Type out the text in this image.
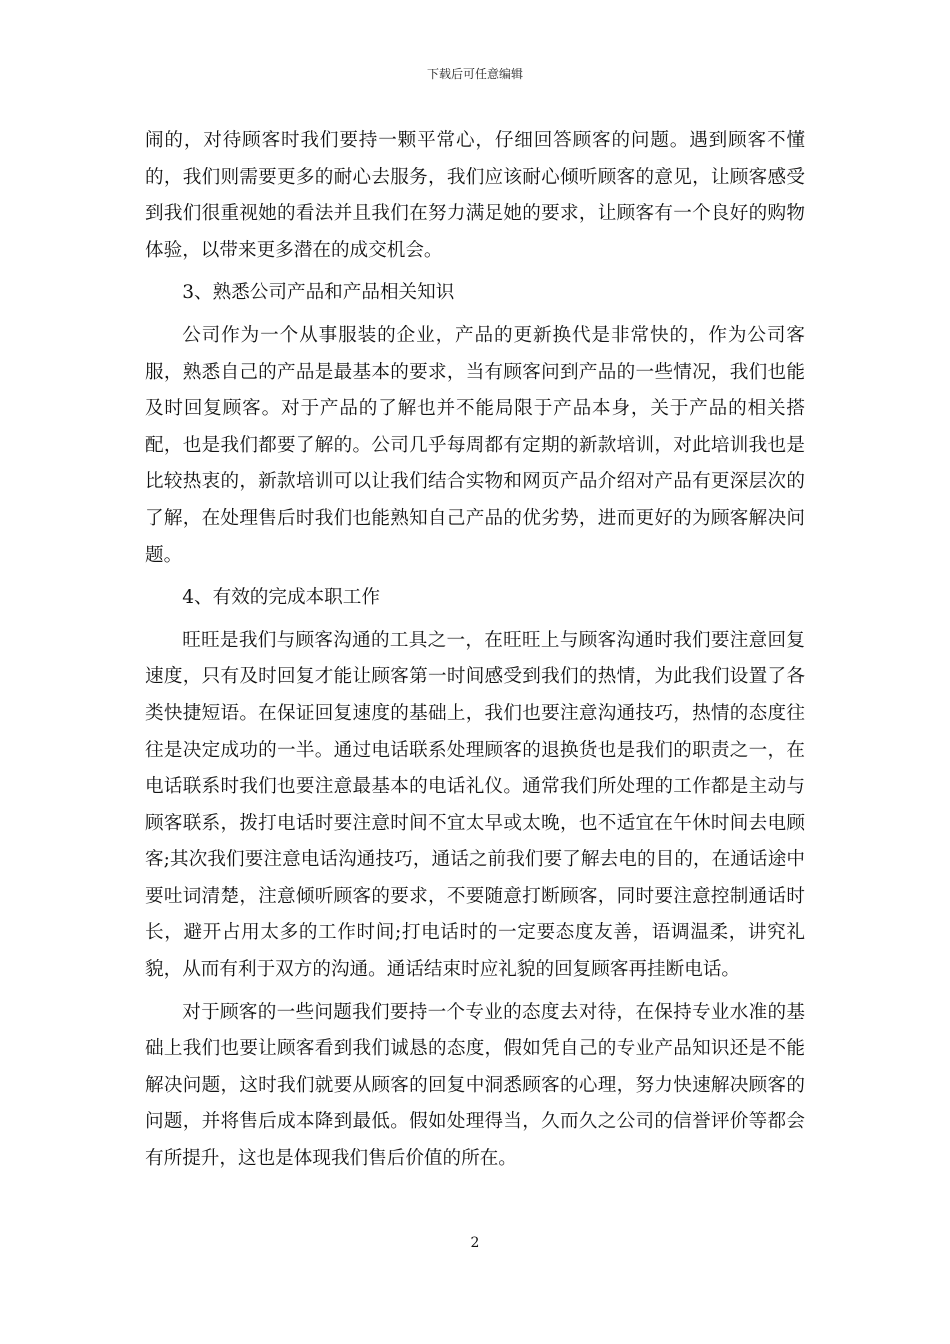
下载后可任意编辑

闹的，对待顾客时我们要持一颗平常心，仔细回答顾客的问题。遇到顾客不懂的，我们则需要更多的耐心去服务，我们应该耐心倾听顾客的意见，让顾客感受到我们很重视她的看法并且我们在努力满足她的要求，让顾客有一个良好的购物体验，以带来更多潜在的成交机会。

3、熟悉公司产品和产品相关知识

公司作为一个从事服装的企业，产品的更新换代是非常快的，作为公司客服，熟悉自己的产品是最基本的要求，当有顾客问到产品的一些情况，我们也能及时回复顾客。对于产品的了解也并不能局限于产品本身，关于产品的相关搭配，也是我们都要了解的。公司几乎每周都有定期的新款培训，对此培训我也是比较热衷的，新款培训可以让我们结合实物和网页产品介绍对产品有更深层次的了解，在处理售后时我们也能熟知自己产品的优劣势，进而更好的为顾客解决问题。

4、有效的完成本职工作

旺旺是我们与顾客沟通的工具之一，在旺旺上与顾客沟通时我们要注意回复速度，只有及时回复才能让顾客第一时间感受到我们的热情，为此我们设置了各类快捷短语。在保证回复速度的基础上，我们也要注意沟通技巧，热情的态度往往是决定成功的一半。通过电话联系处理顾客的退换货也是我们的职责之一，在电话联系时我们也要注意最基本的电话礼仪。通常我们所处理的工作都是主动与顾客联系，拨打电话时要注意时间不宜太早或太晚，也不适宜在午休时间去电顾客;其次我们要注意电话沟通技巧，通话之前我们要了解去电的目的，在通话途中要吐词清楚，注意倾听顾客的要求，不要随意打断顾客，同时要注意控制通话时长，避开占用太多的工作时间;打电话时的一定要态度友善，语调温柔，讲究礼貌，从而有利于双方的沟通。通话结束时应礼貌的回复顾客再挂断电话。

对于顾客的一些问题我们要持一个专业的态度去对待，在保持专业水准的基础上我们也要让顾客看到我们诚恳的态度，假如凭自己的专业产品知识还是不能解决问题，这时我们就要从顾客的回复中洞悉顾客的心理，努力快速解决顾客的问题，并将售后成本降到最低。假如处理得当，久而久之公司的信誉评价等都会有所提升，这也是体现我们售后价值的所在。

2
